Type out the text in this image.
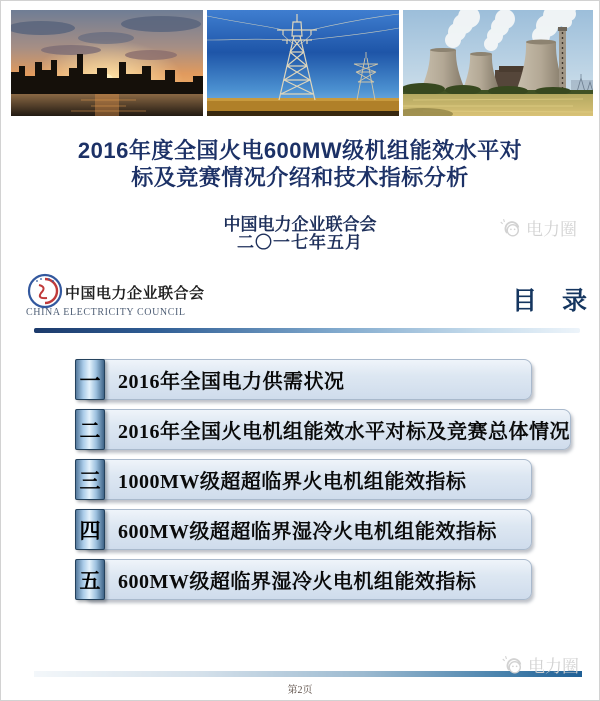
2016年度全国火电600MW级机组能效水平对
标及竞赛情况介绍和技术指标分析
中国电力企业联合会
二〇一七年五月
电力圈
中国电力企业联合会
CHINA ELECTRICITY COUNCIL	目　录
一 2016年全国电力供需状况
二 2016年全国火电机组能效水平对标及竞赛总体情况
三 1000MW级超超临界火电机组能效指标
四 600MW级超超临界湿冷火电机组能效指标
五 600MW级超临界湿冷火电机组能效指标
电力圈
第2页
